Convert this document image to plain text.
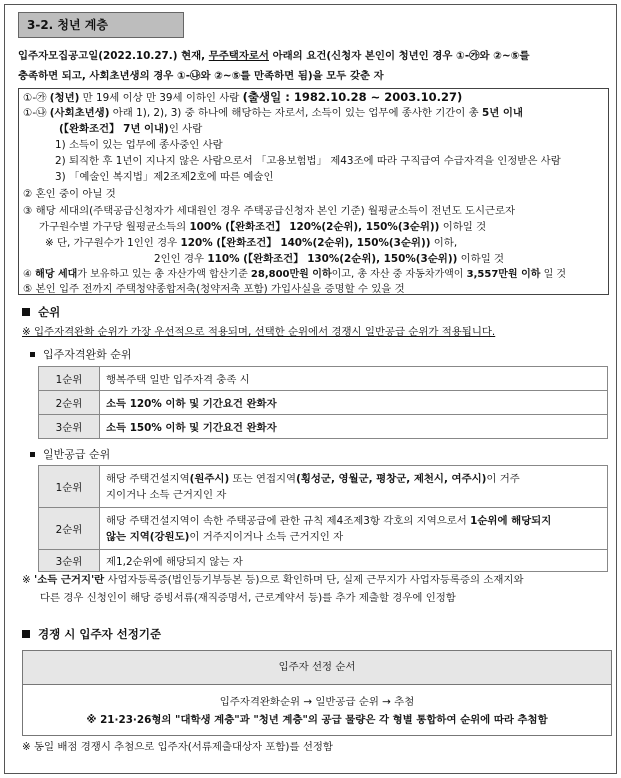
3-2. 청년 계층
입주자모집공고일(2022.10.27.) 현재, 무주택자로서 아래의 요건(신청자 본인이 청년인 경우 ①-㉮와 ②~⑤를
충족하면 되고, 사회초년생의 경우 ①-㉯와 ②~⑤를 만족하면 됨)을 모두 갖춘 자
①-㉮ (청년) 만 19세 이상 만 39세 이하인 사람 (출생일 : 1982.10.28 ~ 2003.10.27)
①-㉯ (사회초년생) 아래 1), 2), 3) 중 하나에 해당하는 자로서, 소득이 있는 업무에 종사한 기간이 총 5년 이내
(【완화조건】 7년 이내)인 사람
1) 소득이 있는 업무에 종사중인 사람
2) 퇴직한 후 1년이 지나지 않은 사람으로서 「고용보험법」 제43조에 따라 구직급여 수급자격을 인정받은 사람
3) 「예술인 복지법」제2조제2호에 따른 예술인
② 혼인 중이 아닐 것
③ 해당 세대의(주택공급신청자가 세대원인 경우 주택공급신청자 본인 기준) 월평균소득이 전년도 도시근로자
가구원수별 가구당 월평균소득의 100% (【완화조건】 120%(2순위), 150%(3순위)) 이하일 것
※ 단, 가구원수가 1인인 경우 120% (【완화조건】 140%(2순위), 150%(3순위)) 이하,
2인인 경우 110% (【완화조건】 130%(2순위), 150%(3순위)) 이하일 것
④ 해당 세대가 보유하고 있는 총 자산가액 합산기준 28,800만원 이하이고, 총 자산 중 자동차가액이 3,557만원 이하 일 것
⑤ 본인 입주 전까지 주택청약종합저축(청약저축 포함) 가입사실을 증명할 수 있을 것
순위
※ 입주자격완화 순위가 가장 우선적으로 적용되며, 선택한 순위에서 경쟁시 일반공급 순위가 적용됩니다.
입주자격완화 순위
1순위	행복주택 일반 입주자격 충족 시
2순위	소득 120% 이하 및 기간요건 완화자
3순위	소득 150% 이하 및 기간요건 완화자
일반공급 순위
1순위	해당 주택건설지역(원주시) 또는 연접지역(횡성군, 영월군, 평창군, 제천시, 여주시)이 거주
지이거나 소득 근거지인 자

2순위	해당 주택건설지역이 속한 주택공급에 관한 규칙 제4조제3항 각호의 지역으로서 1순위에 해당되지
않는 지역(강원도)이 거주지이거나 소득 근거지인 자

3순위	제1,2순위에 해당되지 않는 자
※ '소득 근거지'란 사업자등록증(법인등기부등본 등)으로 확인하며 단, 실제 근무지가 사업자등록증의 소재지와
다른 경우 신청인이 해당 증빙서류(재직증명서, 근로계약서 등)를 추가 제출할 경우에 인정함
경쟁 시 입주자 선정기준
입주자 선정 순서
입주자격완화순위 → 일반공급 순위 → 추첨
※ 21·23·26형의 "대학생 계층"과 "청년 계층"의 공급 물량은 각 형별 통합하여 순위에 따라 추첨함
※ 동일 배점 경쟁시 추첨으로 입주자(서류제출대상자 포함)를 선정함
